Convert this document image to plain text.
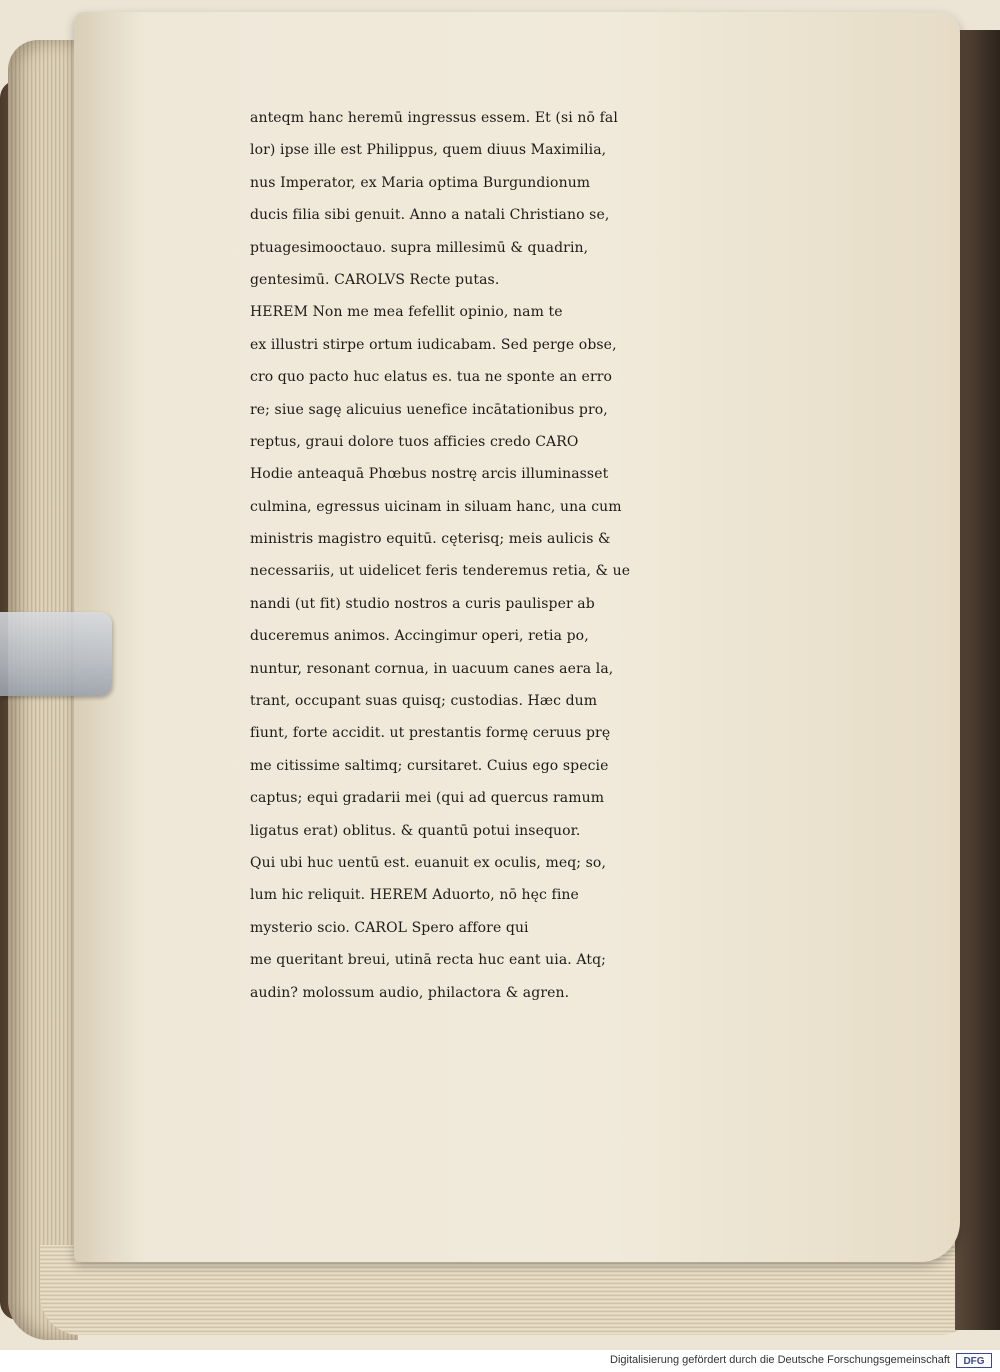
anteqm hanc heremū ingressus essem. Et (si nō fal
lor) ipse ille est Philippus, quem diuus Maximilia,
nus Imperator, ex Maria optima Burgundionum
ducis filia sibi genuit. Anno a natali Christiano se,
ptuagesimooctauo. supra millesimū & quadrin,
gentesimū. CAROLVS Recte putas.
HEREM Non me mea fefellit opinio, nam te
ex illustri stirpe ortum iudicabam. Sed perge obse,
cro quo pacto huc elatus es. tua ne sponte an erro
re; siue sagę alicuius uenefice incātationibus pro,
reptus, graui dolore tuos afficies credo CARO
Hodie anteaquā Phœbus nostrę arcis illuminasset
culmina, egressus uicinam in siluam hanc, una cum
ministris magistro equitū. cęterisq; meis aulicis &
necessariis, ut uidelicet feris tenderemus retia, & ue
nandi (ut fit) studio nostros a curis paulisper ab
duceremus animos. Accingimur operi, retia po,
nuntur, resonant cornua, in uacuum canes aera la,
trant, occupant suas quisq; custodias. Hæc dum
fiunt, forte accidit. ut prestantis formę ceruus prę
me citissime saltimq; cursitaret. Cuius ego specie
captus; equi gradarii mei (qui ad quercus ramum
ligatus erat) oblitus. & quantū potui insequor.
Qui ubi huc uentū est. euanuit ex oculis, meq; so,
lum hic reliquit. HEREM Aduorto, nō hęc fine
mysterio scio. CAROL Spero affore qui
me queritant breui, utinā recta huc eant uia. Atq;
audin? molossum audio, philactora & agren.
Digitalisierung gefördert durch die Deutsche Forschungsgemeinschaft	DFG
